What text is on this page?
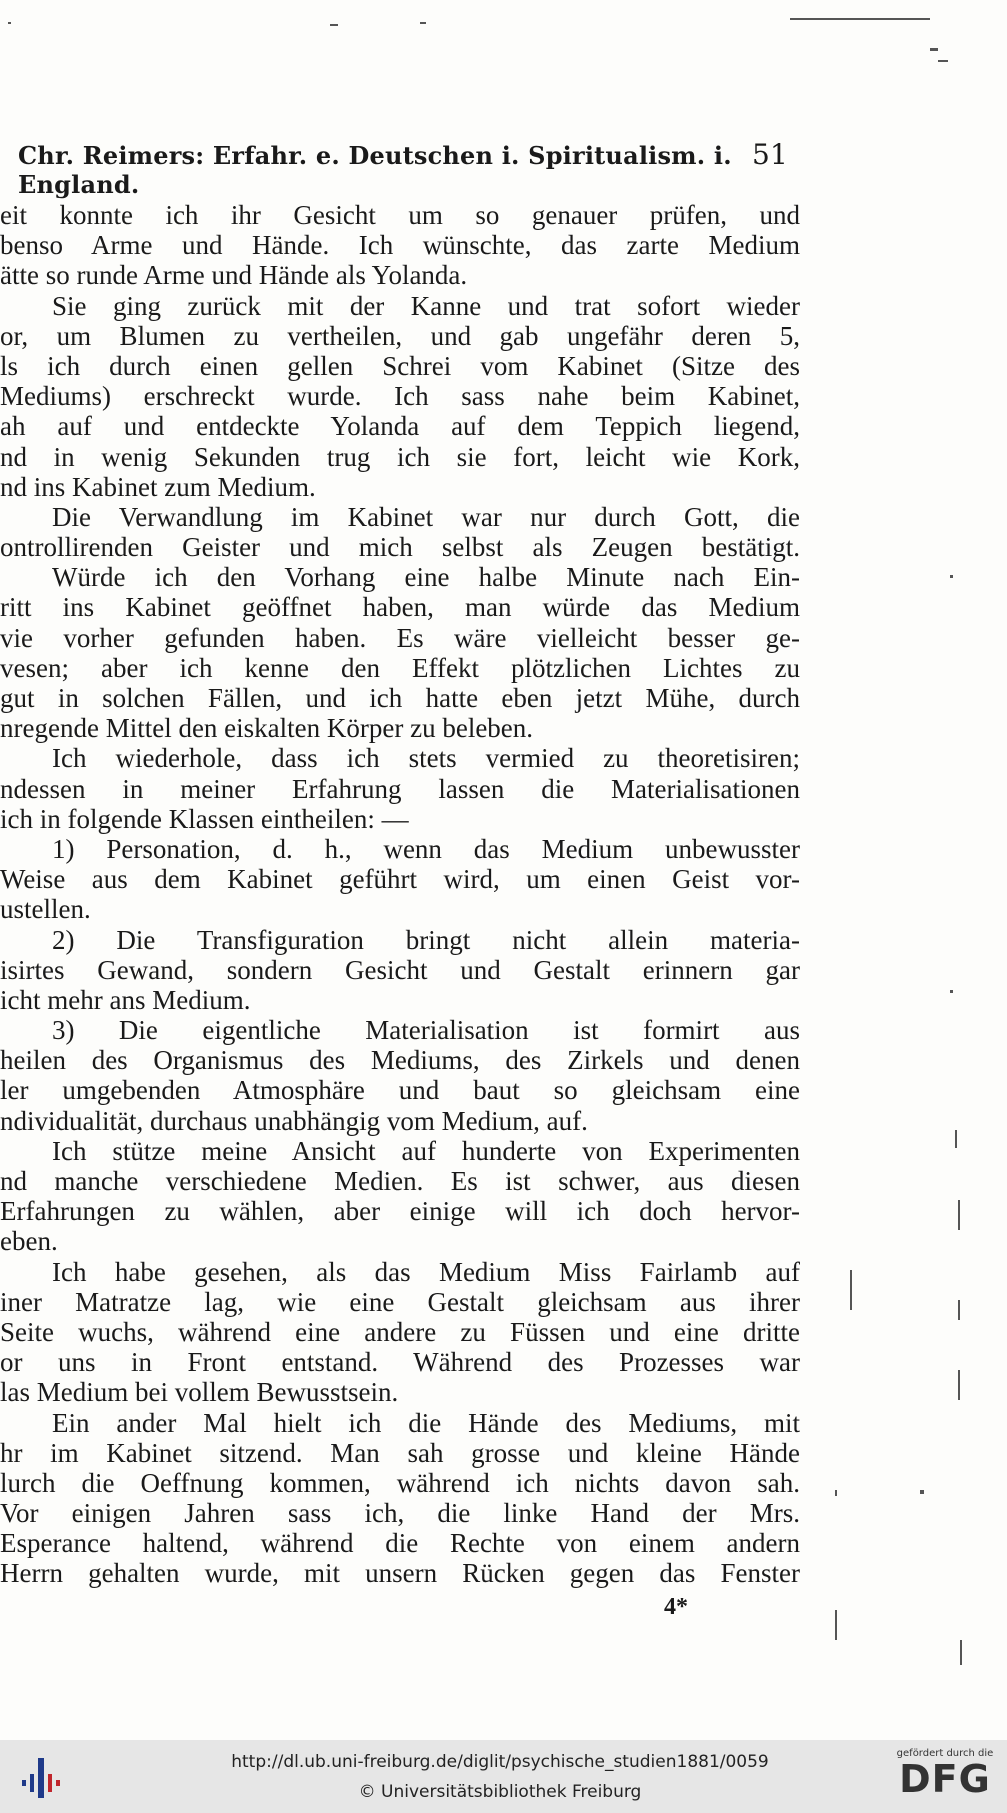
Chr. Reimers: Erfahr. e. Deutschen i. Spiritualism. i. England.
51
eit konnte ich ihr Gesicht um so genauer prüfen, und
benso Arme und Hände. Ich wünschte, das zarte Medium
ätte so runde Arme und Hände als Yolanda.
Sie ging zurück mit der Kanne und trat sofort wieder
or, um Blumen zu vertheilen, und gab ungefähr deren 5,
ls ich durch einen gellen Schrei vom Kabinet (Sitze des
Mediums) erschreckt wurde. Ich sass nahe beim Kabinet,
ah auf und entdeckte Yolanda auf dem Teppich liegend,
nd in wenig Sekunden trug ich sie fort, leicht wie Kork,
nd ins Kabinet zum Medium.
Die Verwandlung im Kabinet war nur durch Gott, die
ontrollirenden Geister und mich selbst als Zeugen bestätigt.
Würde ich den Vorhang eine halbe Minute nach Ein-
ritt ins Kabinet geöffnet haben, man würde das Medium
vie vorher gefunden haben. Es wäre vielleicht besser ge-
vesen; aber ich kenne den Effekt plötzlichen Lichtes zu
gut in solchen Fällen, und ich hatte eben jetzt Mühe, durch
nregende Mittel den eiskalten Körper zu beleben.
Ich wiederhole, dass ich stets vermied zu theoretisiren;
ndessen in meiner Erfahrung lassen die Materialisationen
ich in folgende Klassen eintheilen: —
1) Personation, d. h., wenn das Medium unbewusster
Weise aus dem Kabinet geführt wird, um einen Geist vor-
ustellen.
2) Die Transfiguration bringt nicht allein materia-
isirtes Gewand, sondern Gesicht und Gestalt erinnern gar
icht mehr ans Medium.
3) Die eigentliche Materialisation ist formirt aus
heilen des Organismus des Mediums, des Zirkels und denen
ler umgebenden Atmosphäre und baut so gleichsam eine
ndividualität, durchaus unabhängig vom Medium, auf.
Ich stütze meine Ansicht auf hunderte von Experimenten
nd manche verschiedene Medien. Es ist schwer, aus diesen
Erfahrungen zu wählen, aber einige will ich doch hervor-
eben.
Ich habe gesehen, als das Medium Miss Fairlamb auf
iner Matratze lag, wie eine Gestalt gleichsam aus ihrer
Seite wuchs, während eine andere zu Füssen und eine dritte
or uns in Front entstand. Während des Prozesses war
las Medium bei vollem Bewusstsein.
Ein ander Mal hielt ich die Hände des Mediums, mit
hr im Kabinet sitzend. Man sah grosse und kleine Hände
lurch die Oeffnung kommen, während ich nichts davon sah.
Vor einigen Jahren sass ich, die linke Hand der Mrs.
Esperance haltend, während die Rechte von einem andern
Herrn gehalten wurde, mit unsern Rücken gegen das Fenster
4*
http://dl.ub.uni-freiburg.de/diglit/psychische_studien1881/0059
© Universitätsbibliothek Freiburg
gefördert durch die
DFG
